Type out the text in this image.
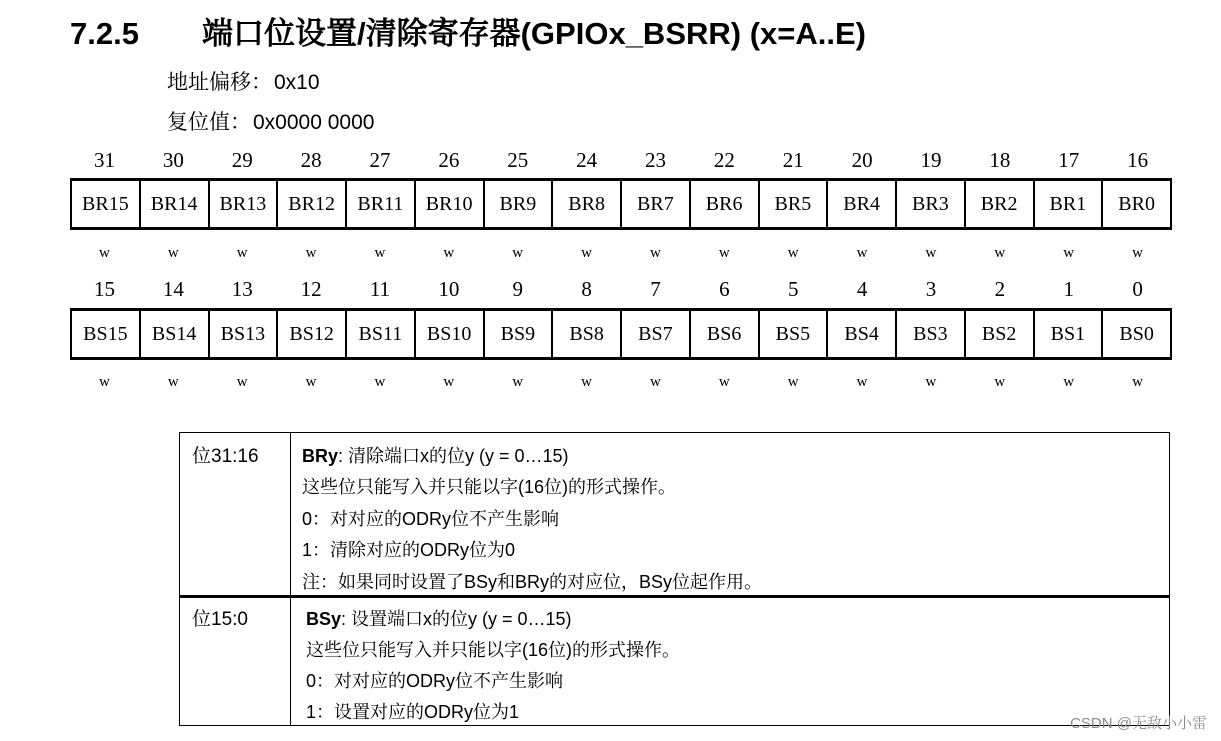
7.2.5 端口位设置/清除寄存器(GPIOx_BSRR) (x=A..E)
地址偏移：0x10
复位值：0x0000 0000
31	30	29	28	27	26	25	24	23	22	21	20	19	18	17	16
BR15	BR14	BR13	BR12	BR11	BR10	BR9	BR8	BR7	BR6	BR5	BR4	BR3	BR2	BR1	BR0
w	w	w	w	w	w	w	w	w	w	w	w	w	w	w	w
15	14	13	12	11	10	9	8	7	6	5	4	3	2	1	0
BS15	BS14	BS13	BS12	BS11	BS10	BS9	BS8	BS7	BS6	BS5	BS4	BS3	BS2	BS1	BS0
w	w	w	w	w	w	w	w	w	w	w	w	w	w	w	w
位31:16 BRy: 清除端口x的位y (y = 0…15)
这些位只能写入并只能以字(16位)的形式操作。
0：对对应的ODRy位不产生影响
1：清除对应的ODRy位为0
注：如果同时设置了BSy和BRy的对应位，BSy位起作用。
位15:0	BSy: 设置端口x的位y (y = 0…15)
这些位只能写入并只能以字(16位)的形式操作。
0：对对应的ODRy位不产生影响
1：设置对应的ODRy位为1
CSDN @无敌小小雷
